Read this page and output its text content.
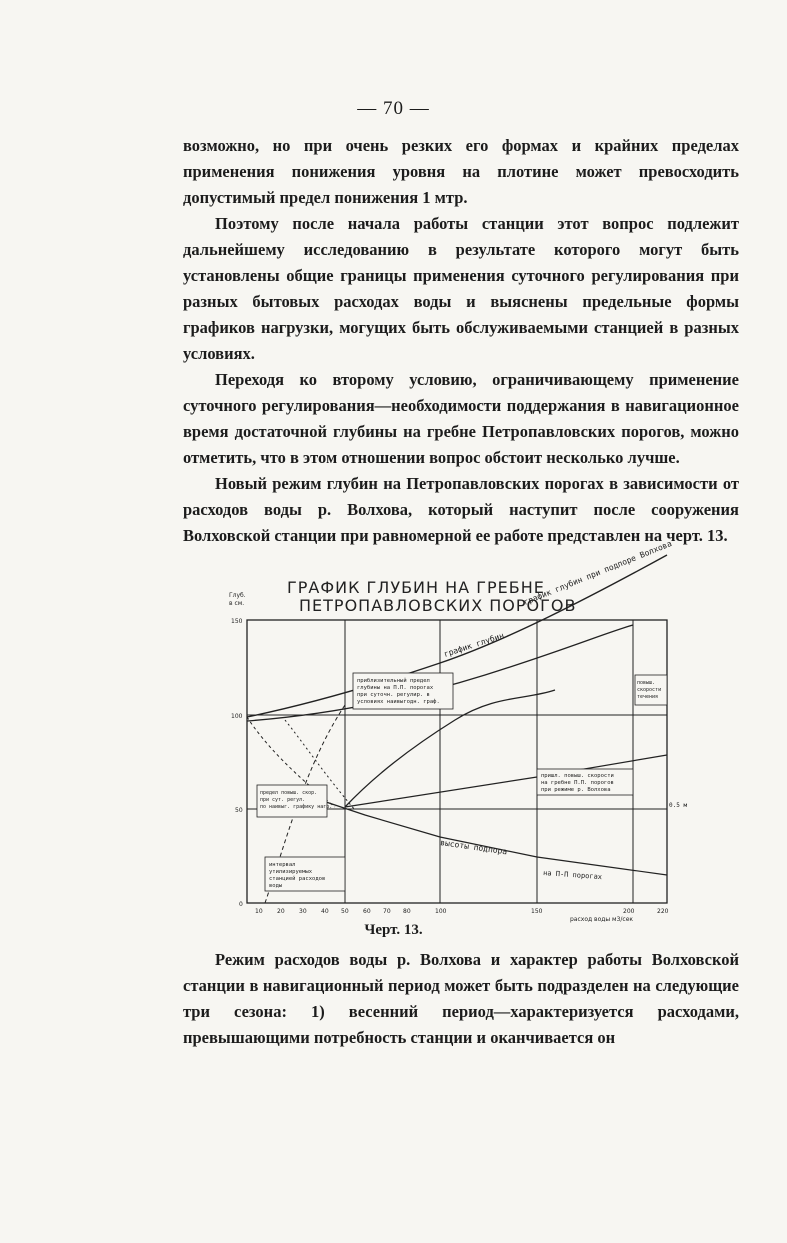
— 70 —

возможно, но при очень резких его формах и крайних пределах применения понижения уровня на плотине может превосходить допустимый предел понижения 1 мтр.

Поэтому после начала работы станции этот вопрос подлежит дальнейшему исследованию в результате которого могут быть установлены общие границы применения суточного регулирования при разных бытовых расходах воды и выяснены предельные формы графиков нагрузки, могущих быть обслуживаемыми станцией в разных условиях.

Переходя ко второму условию, ограничивающему применение суточного регулирования—необходимости поддержания в навигационное время достаточной глубины на гребне Петропавловских порогов, можно отметить, что в этом отношении вопрос обстоит несколько лучше.

Новый режим глубин на Петропавловских порогах в зависимости от расходов воды р. Волхова, который наступит после сооружения Волховской станции при равномерной ее работе представлен на черт. 13.

ГРАФИК ГЛУБИН НА ГРЕБНЕ
ПЕТРОПАВЛОВСКИХ ПОРОГОВ
Глуб.
в см.
150
100
50
0
приблизительный предел
глубины на П.П. порогах
при суточн. регулир. в
условиях наивыгодн. граф.
повыш.
скорости
течения
пришл. повыш. скорости
на гребне П.П. порогов
при режиме р. Волхова
предел повыш. скор.
при сут. регул.
по наивыг. графику нагр.
интервал
утилизируемых
станцией расходов
воды
график глубин при подпоре Волхова
график глубин
высоты подпора
на П-П порогах
0.5 м
10 20 30 40 50 60 70 80	100	150	200	220
расход воды м3/сек
Черт. 13.

Режим расходов воды р. Волхова и характер работы Волховской станции в навигационный период может быть подразделен на следующие три сезона: 1) весенний период—характеризуется расходами, превышающими потребность станции и оканчивается он
